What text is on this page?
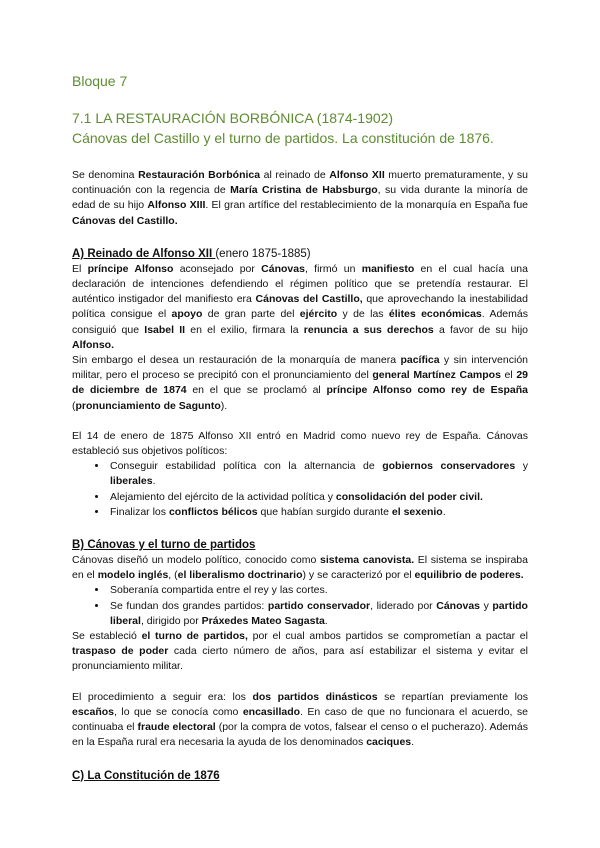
Bloque 7
7.1 LA RESTAURACIÓN BORBÓNICA (1874-1902)
Cánovas del Castillo y el turno de partidos. La constitución de 1876.

Se denomina Restauración Borbónica al reinado de Alfonso XII muerto prematuramente, y su continuación con la regencia de María Cristina de Habsburgo, su vida durante la minoría de edad de su hijo Alfonso XIII. El gran artífice del restablecimiento de la monarquía en España fue Cánovas del Castillo.

A) Reinado de Alfonso XII (enero 1875-1885)

El príncipe Alfonso aconsejado por Cánovas, firmó un manifiesto en el cual hacía una declaración de intenciones defendiendo el régimen político que se pretendía restaurar. El auténtico instigador del manifiesto era Cánovas del Castillo, que aprovechando la inestabilidad política consigue el apoyo de gran parte del ejército y de las élites económicas. Además consiguió que Isabel II en el exilio, firmara la renuncia a sus derechos a favor de su hijo Alfonso.

Sin embargo el desea un restauración de la monarquía de manera pacífica y sin intervención militar, pero el proceso se precipitó con el pronunciamiento del general Martínez Campos el 29 de diciembre de 1874 en el que se proclamó al príncipe Alfonso como rey de España (pronunciamiento de Sagunto).

El 14 de enero de 1875 Alfonso XII entró en Madrid como nuevo rey de España. Cánovas estableció sus objetivos políticos:

• Conseguir estabilidad política con la alternancia de gobiernos conservadores y liberales.
• Alejamiento del ejército de la actividad política y consolidación del poder civil.
• Finalizar los conflictos bélicos que habían surgido durante el sexenio.
B) Cánovas y el turno de partidos

Cánovas diseñó un modelo político, conocido como sistema canovista. El sistema se inspiraba en el modelo inglés, (el liberalismo doctrinario) y se caracterizó por el equilibrio de poderes.

• Soberanía compartida entre el rey y las cortes.
• Se fundan dos grandes partidos: partido conservador, liderado por Cánovas y partido liberal, dirigido por Práxedes Mateo Sagasta.

Se estableció el turno de partidos, por el cual ambos partidos se comprometían a pactar el traspaso de poder cada cierto número de años, para así estabilizar el sistema y evitar el pronunciamiento militar.

El procedimiento a seguir era: los dos partidos dinásticos se repartían previamente los escaños, lo que se conocía como encasillado. En caso de que no funcionara el acuerdo, se continuaba el fraude electoral (por la compra de votos, falsear el censo o el pucherazo). Además en la España rural era necesaria la ayuda de los denominados caciques.

C) La Constitución de 1876
